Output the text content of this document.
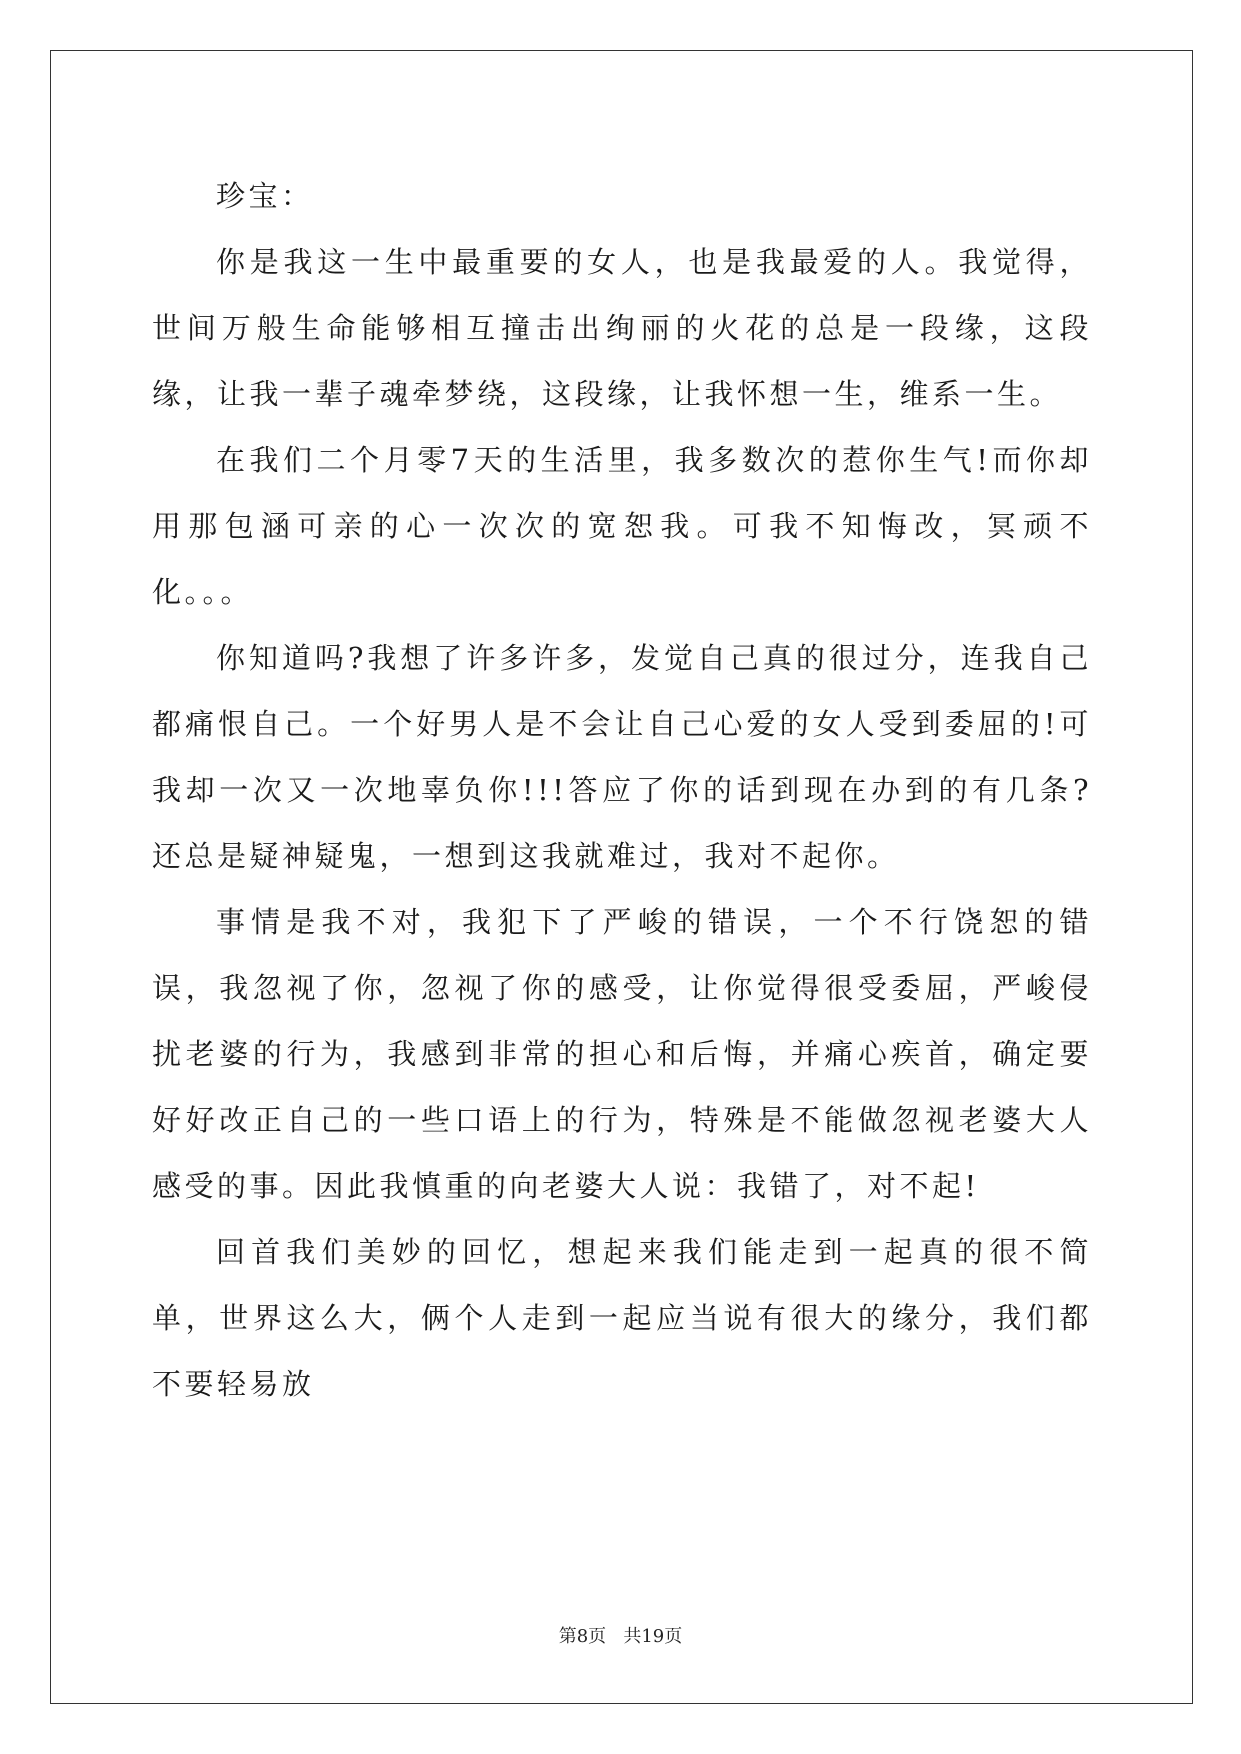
珍宝：

你是我这一生中最重要的女人，也是我最爱的人。我觉得，世间万般生命能够相互撞击出绚丽的火花的总是一段缘，这段缘，让我一辈子魂牵梦绕，这段缘，让我怀想一生，维系一生。

在我们二个月零7天的生活里，我多数次的惹你生气!而你却用那包涵可亲的心一次次的宽恕我。可我不知悔改，冥顽不化。。。

你知道吗?我想了许多许多，发觉自己真的很过分，连我自己都痛恨自己。一个好男人是不会让自己心爱的女人受到委屈的!可我却一次又一次地辜负你!!!答应了你的话到现在办到的有几条?还总是疑神疑鬼，一想到这我就难过，我对不起你。

事情是我不对，我犯下了严峻的错误，一个不行饶恕的错误，我忽视了你，忽视了你的感受，让你觉得很受委屈，严峻侵扰老婆的行为，我感到非常的担心和后悔，并痛心疾首，确定要好好改正自己的一些口语上的行为，特殊是不能做忽视老婆大人感受的事。因此我慎重的向老婆大人说：我错了，对不起!

回首我们美妙的回忆，想起来我们能走到一起真的很不简单，世界这么大，俩个人走到一起应当说有很大的缘分，我们都不要轻易放

第8页   共19页
